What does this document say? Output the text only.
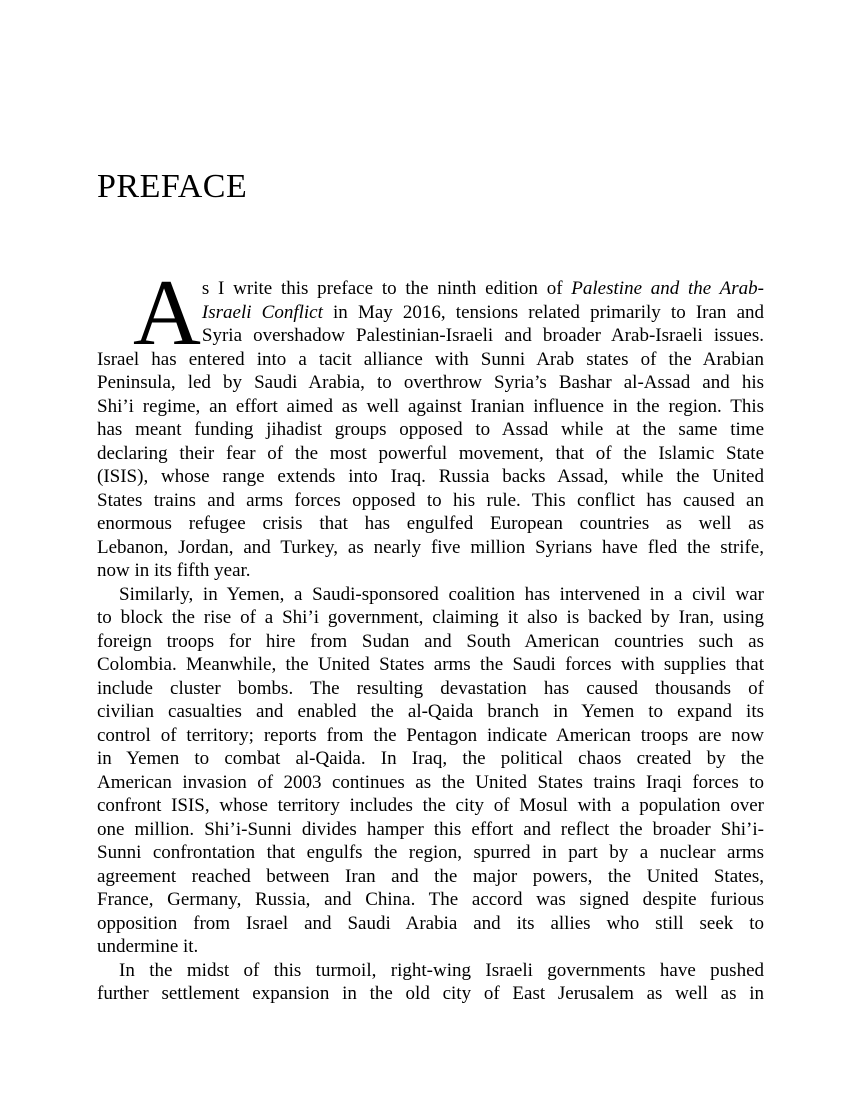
PREFACE
A s I write this preface to the ninth edition of Palestine and the Arab-
Israeli Conflict in May 2016, tensions related primarily to Iran and
Syria overshadow Palestinian-Israeli and broader Arab-Israeli issues.
Israel has entered into a tacit alliance with Sunni Arab states of the Arabian
Peninsula, led by Saudi Arabia, to overthrow Syria’s Bashar al-Assad and his
Shi’i regime, an effort aimed as well against Iranian influence in the region. This
has meant funding jihadist groups opposed to Assad while at the same time
declaring their fear of the most powerful movement, that of the Islamic State
(ISIS), whose range extends into Iraq. Russia backs Assad, while the United
States trains and arms forces opposed to his rule. This conflict has caused an
enormous refugee crisis that has engulfed European countries as well as
Lebanon, Jordan, and Turkey, as nearly five million Syrians have fled the strife,
now in its fifth year.
Similarly, in Yemen, a Saudi-sponsored coalition has intervened in a civil war
to block the rise of a Shi’i government, claiming it also is backed by Iran, using
foreign troops for hire from Sudan and South American countries such as
Colombia. Meanwhile, the United States arms the Saudi forces with supplies that
include cluster bombs. The resulting devastation has caused thousands of
civilian casualties and enabled the al-Qaida branch in Yemen to expand its
control of territory; reports from the Pentagon indicate American troops are now
in Yemen to combat al-Qaida. In Iraq, the political chaos created by the
American invasion of 2003 continues as the United States trains Iraqi forces to
confront ISIS, whose territory includes the city of Mosul with a population over
one million. Shi’i-Sunni divides hamper this effort and reflect the broader Shi’i-
Sunni confrontation that engulfs the region, spurred in part by a nuclear arms
agreement reached between Iran and the major powers, the United States,
France, Germany, Russia, and China. The accord was signed despite furious
opposition from Israel and Saudi Arabia and its allies who still seek to
undermine it.
In the midst of this turmoil, right-wing Israeli governments have pushed
further settlement expansion in the old city of East Jerusalem as well as in
